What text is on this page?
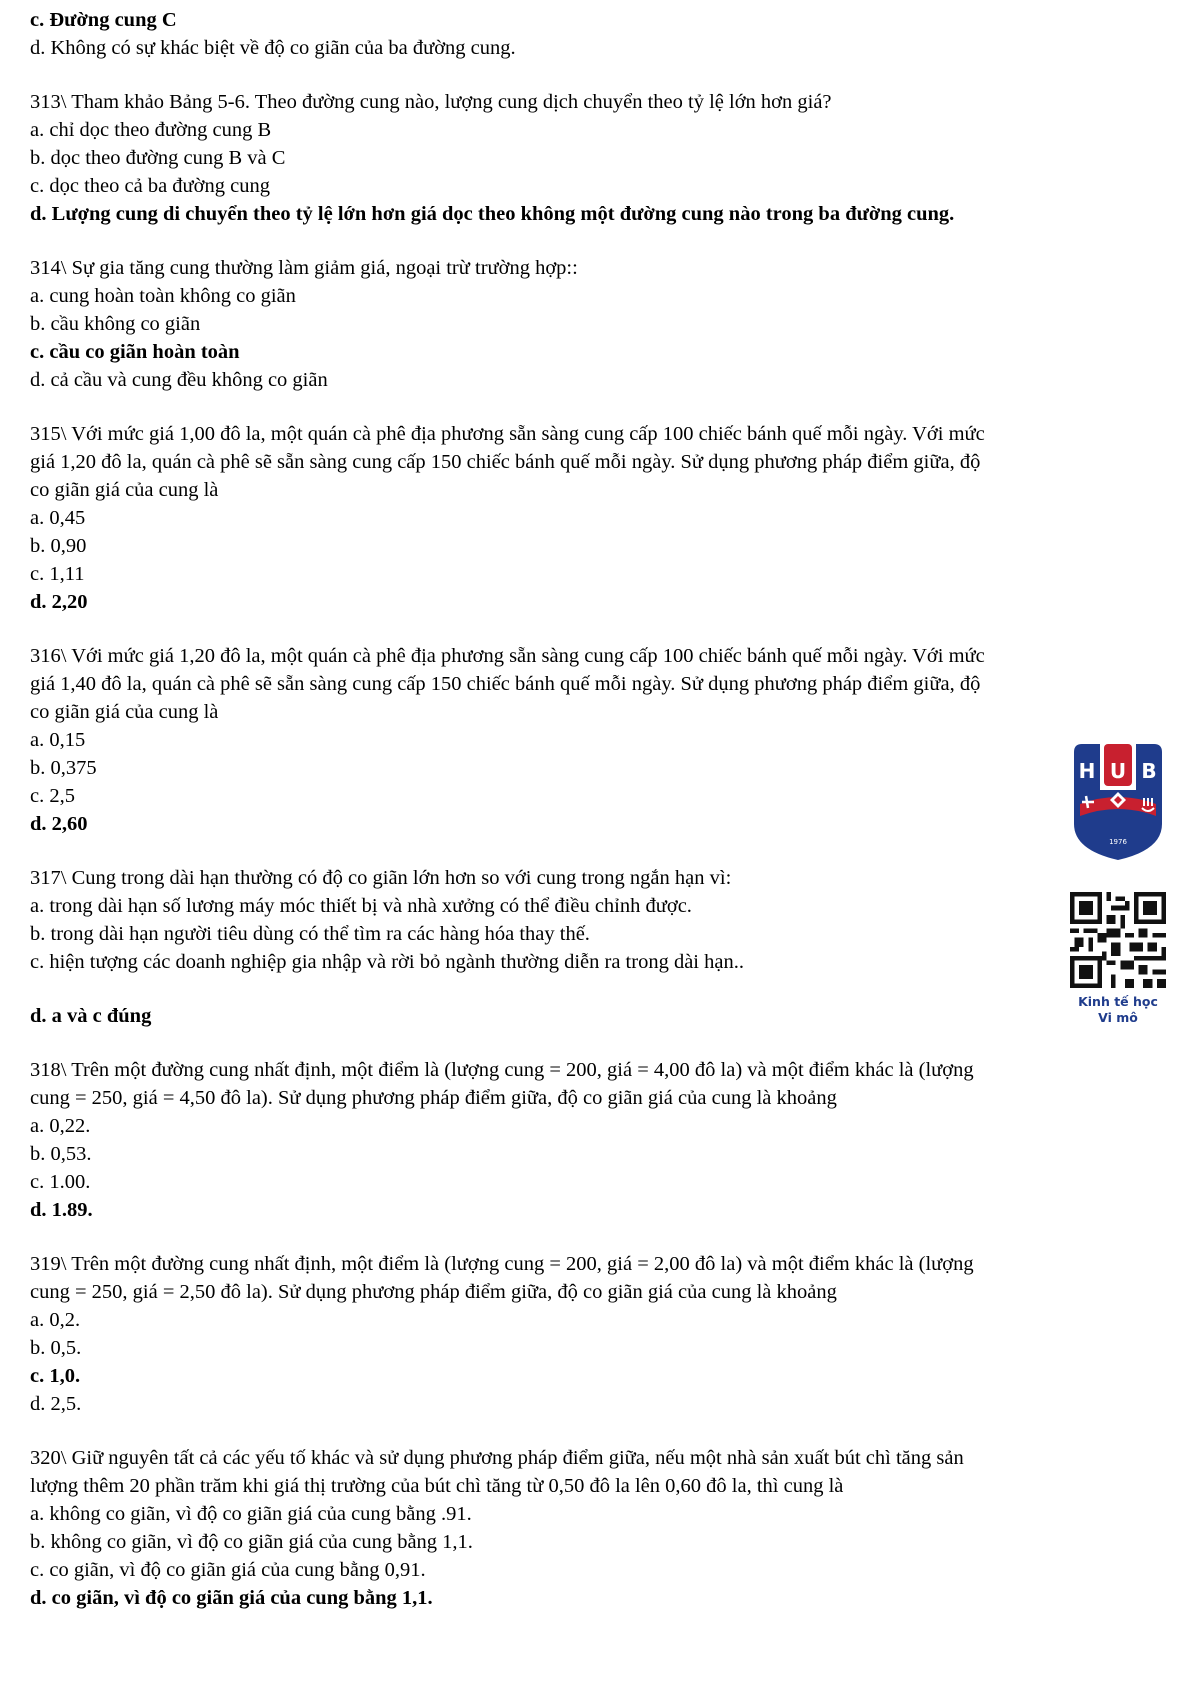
c. Đường cung C

d. Không có sự khác biệt về độ co giãn của ba đường cung.

313\ Tham khảo Bảng 5-6. Theo đường cung nào, lượng cung dịch chuyển theo tỷ lệ lớn hơn giá?

a. chỉ dọc theo đường cung B

b. dọc theo đường cung B và C

c. dọc theo cả ba đường cung

d. Lượng cung di chuyển theo tỷ lệ lớn hơn giá dọc theo không một đường cung nào trong ba đường cung.

314\ Sự gia tăng cung thường làm giảm giá, ngoại trừ trường hợp::

a. cung hoàn toàn không co giãn

b. cầu không co giãn

c. cầu co giãn hoàn toàn

d. cả cầu và cung đều không co giãn

315\ Với mức giá 1,00 đô la, một quán cà phê địa phương sẵn sàng cung cấp 100 chiếc bánh quế mỗi ngày. Với mức

giá 1,20 đô la, quán cà phê sẽ sẵn sàng cung cấp 150 chiếc bánh quế mỗi ngày. Sử dụng phương pháp điểm giữa, độ

co giãn giá của cung là

a. 0,45

b. 0,90

c. 1,11

d. 2,20

316\ Với mức giá 1,20 đô la, một quán cà phê địa phương sẵn sàng cung cấp 100 chiếc bánh quế mỗi ngày. Với mức

giá 1,40 đô la, quán cà phê sẽ sẵn sàng cung cấp 150 chiếc bánh quế mỗi ngày. Sử dụng phương pháp điểm giữa, độ

co giãn giá của cung là

a. 0,15

b. 0,375

c. 2,5

d. 2,60

317\ Cung trong dài hạn thường có độ co giãn lớn hơn so với cung trong ngắn hạn vì:

a. trong dài hạn số lương máy móc thiết bị và nhà xưởng có thể điều chỉnh được.

b. trong dài hạn người tiêu dùng có thể tìm ra các hàng hóa thay thế.

c. hiện tượng các doanh nghiệp gia nhập và rời bỏ ngành thường diễn ra trong dài hạn..

d. a và c đúng

318\ Trên một đường cung nhất định, một điểm là (lượng cung = 200, giá = 4,00 đô la) và một điểm khác là (lượng

cung = 250, giá = 4,50 đô la). Sử dụng phương pháp điểm giữa, độ co giãn giá của cung là khoảng

a. 0,22.

b. 0,53.

c. 1.00.

d. 1.89.

319\ Trên một đường cung nhất định, một điểm là (lượng cung = 200, giá = 2,00 đô la) và một điểm khác là (lượng

cung = 250, giá = 2,50 đô la). Sử dụng phương pháp điểm giữa, độ co giãn giá của cung là khoảng

a. 0,2.

b. 0,5.

c. 1,0.

d. 2,5.

320\ Giữ nguyên tất cả các yếu tố khác và sử dụng phương pháp điểm giữa, nếu một nhà sản xuất bút chì tăng sản

lượng thêm 20 phần trăm khi giá thị trường của bút chì tăng từ 0,50 đô la lên 0,60 đô la, thì cung là

a. không co giãn, vì độ co giãn giá của cung bằng .91.

b. không co giãn, vì độ co giãn giá của cung bằng 1,1.

c. co giãn, vì độ co giãn giá của cung bằng 0,91.

d. co giãn, vì độ co giãn giá của cung bằng 1,1.

H U B
1976
Kinh tế học
Vi mô
